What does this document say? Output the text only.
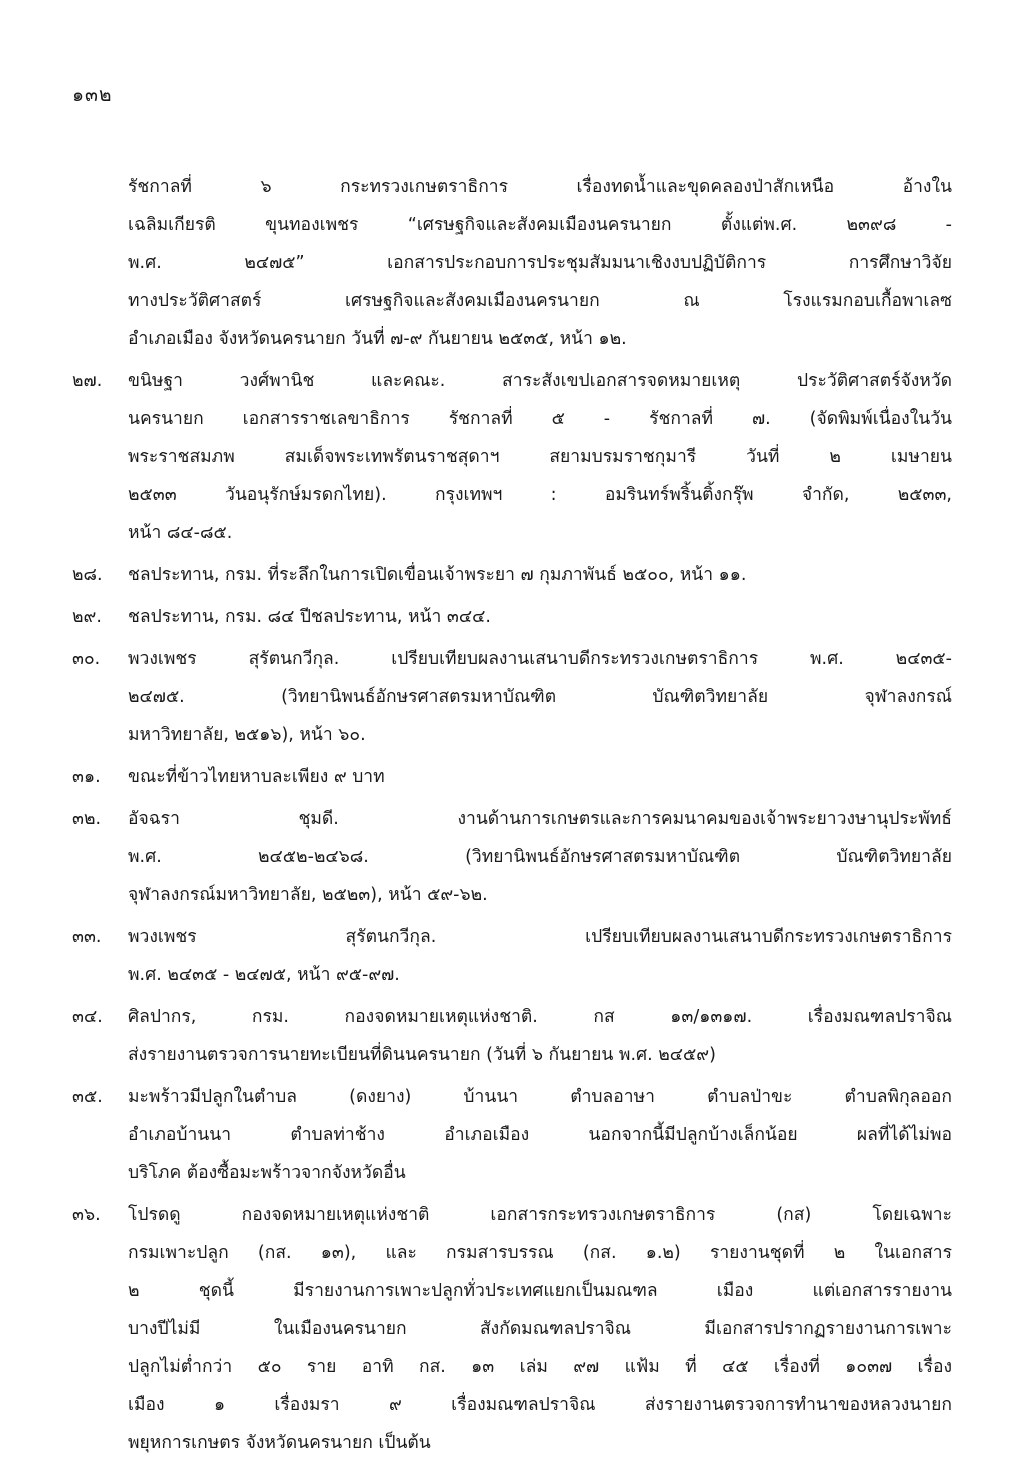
๑๓๒
รัชกาลที่ ๖ กระทรวงเกษตราธิการ เรื่องทดน้ำและขุดคลองป่าสักเหนือ อ้างใน
เฉลิมเกียรติ ขุนทองเพชร “เศรษฐกิจและสังคมเมืองนครนายก ตั้งแต่พ.ศ. ๒๓๙๘ -
พ.ศ. ๒๔๗๕” เอกสารประกอบการประชุมสัมมนาเชิงงบปฏิบัติการ การศึกษาวิจัย
ทางประวัติศาสตร์ เศรษฐกิจและสังคมเมืองนครนายก ณ โรงแรมกอบเกื้อพาเลซ
อำเภอเมือง จังหวัดนครนายก วันที่ ๗-๙ กันยายน ๒๕๓๕, หน้า ๑๒.
๒๗.	ขนิษฐา วงศ์พานิช และคณะ. สาระสังเขปเอกสารจดหมายเหตุ ประวัติศาสตร์จังหวัด
นครนายก เอกสารราชเลขาธิการ รัชกาลที่ ๕ - รัชกาลที่ ๗. (จัดพิมพ์เนื่องในวัน
พระราชสมภพ สมเด็จพระเทพรัตนราชสุดาฯ สยามบรมราชกุมารี วันที่ ๒ เมษายน
๒๕๓๓ วันอนุรักษ์มรดกไทย). กรุงเทพฯ : อมรินทร์พริ้นติ้งกรุ๊พ จำกัด, ๒๕๓๓,
หน้า ๘๔-๘๕.
๒๘.	ชลประทาน, กรม. ที่ระลึกในการเปิดเขื่อนเจ้าพระยา ๗ กุมภาพันธ์ ๒๕๐๐, หน้า ๑๑.
๒๙.	ชลประทาน, กรม. ๘๔ ปีชลประทาน, หน้า ๓๔๔.
๓๐.	พวงเพชร สุรัตนกวีกุล. เปรียบเทียบผลงานเสนาบดีกระทรวงเกษตราธิการ พ.ศ. ๒๔๓๕-
๒๔๗๕. (วิทยานิพนธ์อักษรศาสตรมหาบัณฑิต บัณฑิตวิทยาลัย จุฬาลงกรณ์
มหาวิทยาลัย, ๒๕๑๖), หน้า ๖๐.
๓๑.	ขณะที่ข้าวไทยหาบละเพียง ๙ บาท
๓๒.	อัจฉรา ชุมดี. งานด้านการเกษตรและการคมนาคมของเจ้าพระยาวงษานุประพัทธ์
พ.ศ. ๒๔๕๒-๒๔๖๘. (วิทยานิพนธ์อักษรศาสตรมหาบัณฑิต บัณฑิตวิทยาลัย
จุฬาลงกรณ์มหาวิทยาลัย, ๒๕๒๓), หน้า ๕๙-๖๒.
๓๓.	พวงเพชร สุรัตนกวีกุล. เปรียบเทียบผลงานเสนาบดีกระทรวงเกษตราธิการ
พ.ศ. ๒๔๓๕ - ๒๔๗๕, หน้า ๙๕-๙๗.
๓๔.	ศิลปากร, กรม. กองจดหมายเหตุแห่งชาติ. กส ๑๓/๑๓๑๗. เรื่องมณฑลปราจิณ
ส่งรายงานตรวจการนายทะเบียนที่ดินนครนายก (วันที่ ๖ กันยายน พ.ศ. ๒๔๕๙)
๓๕.	มะพร้าวมีปลูกในตำบล (ดงยาง) บ้านนา ตำบลอาษา ตำบลป่าขะ ตำบลพิกุลออก
อำเภอบ้านนา ตำบลท่าช้าง อำเภอเมือง นอกจากนี้มีปลูกบ้างเล็กน้อย ผลที่ได้ไม่พอ
บริโภค ต้องซื้อมะพร้าวจากจังหวัดอื่น
๓๖.	โปรดดู กองจดหมายเหตุแห่งชาติ เอกสารกระทรวงเกษตราธิการ (กส) โดยเฉพาะ
กรมเพาะปลูก (กส. ๑๓), และ กรมสารบรรณ (กส. ๑.๒) รายงานชุดที่ ๒ ในเอกสาร
๒ ชุดนี้ มีรายงานการเพาะปลูกทั่วประเทศแยกเป็นมณฑล เมือง แต่เอกสารรายงาน
บางปีไม่มี ในเมืองนครนายก สังกัดมณฑลปราจิณ มีเอกสารปรากฏรายงานการเพาะ
ปลูกไม่ต่ำกว่า ๕๐ ราย อาทิ กส. ๑๓ เล่ม ๙๗ แฟ้ม ที่ ๔๕ เรื่องที่ ๑๐๓๗ เรื่อง
เมือง ๑ เรื่องมรา ๙ เรื่องมณฑลปราจิณ ส่งรายงานตรวจการทำนาของหลวงนายก
พยุหการเกษตร จังหวัดนครนายก เป็นต้น
